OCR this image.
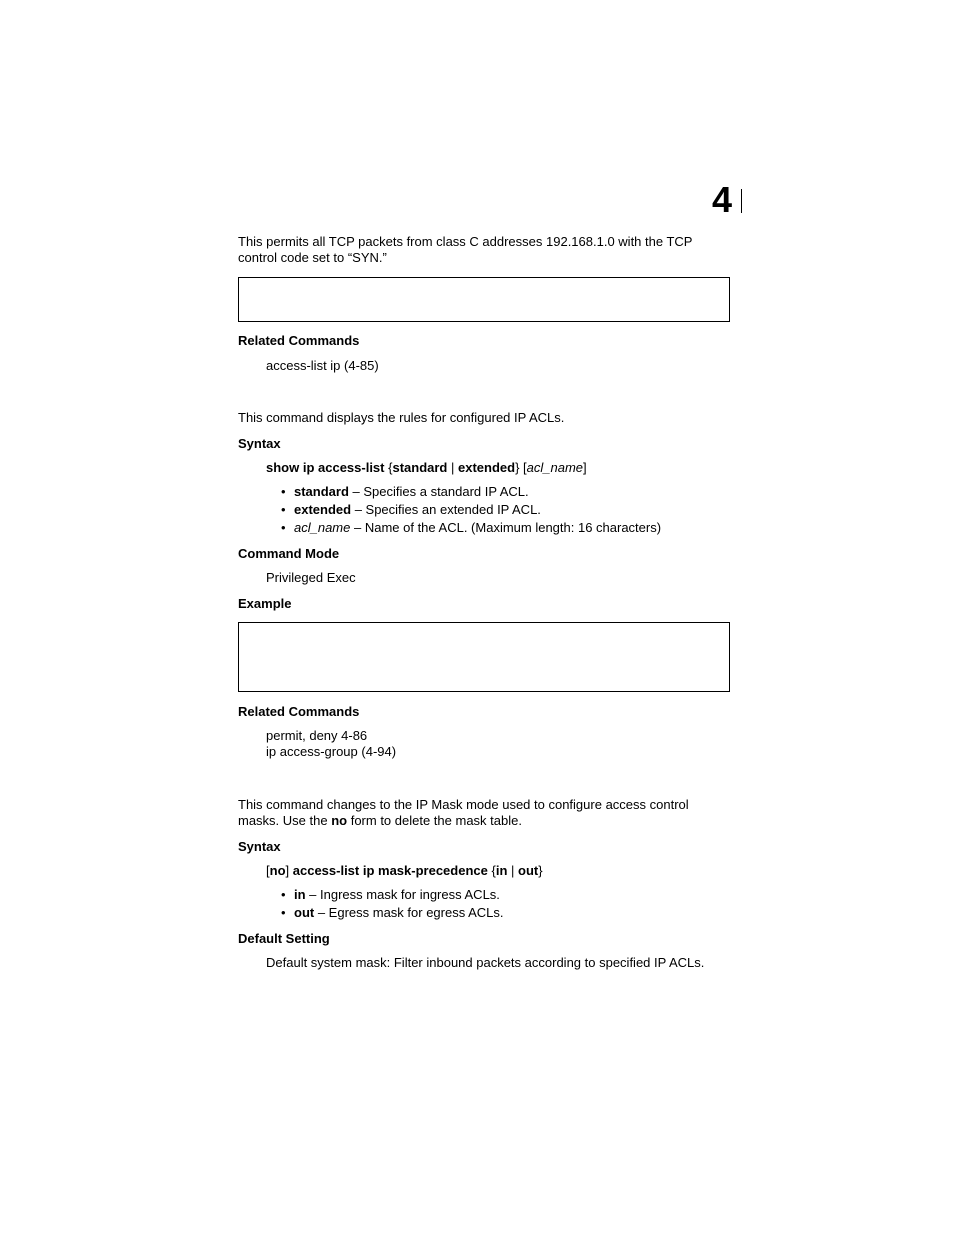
4
This permits all TCP packets from class C addresses 192.168.1.0 with the TCP
control code set to “SYN.”
Related Commands
access-list ip (4-85)
This command displays the rules for configured IP ACLs.
Syntax
show ip access-list {standard | extended} [acl_name]
• standard – Specifies a standard IP ACL.
• extended – Specifies an extended IP ACL.
• acl_name – Name of the ACL. (Maximum length: 16 characters)
Command Mode
Privileged Exec
Example
Related Commands
permit, deny 4-86
ip access-group (4-94)
This command changes to the IP Mask mode used to configure access control
masks. Use the no form to delete the mask table.
Syntax
[no] access-list ip mask-precedence {in | out}
• in – Ingress mask for ingress ACLs.
• out – Egress mask for egress ACLs.
Default Setting
Default system mask: Filter inbound packets according to specified IP ACLs.
